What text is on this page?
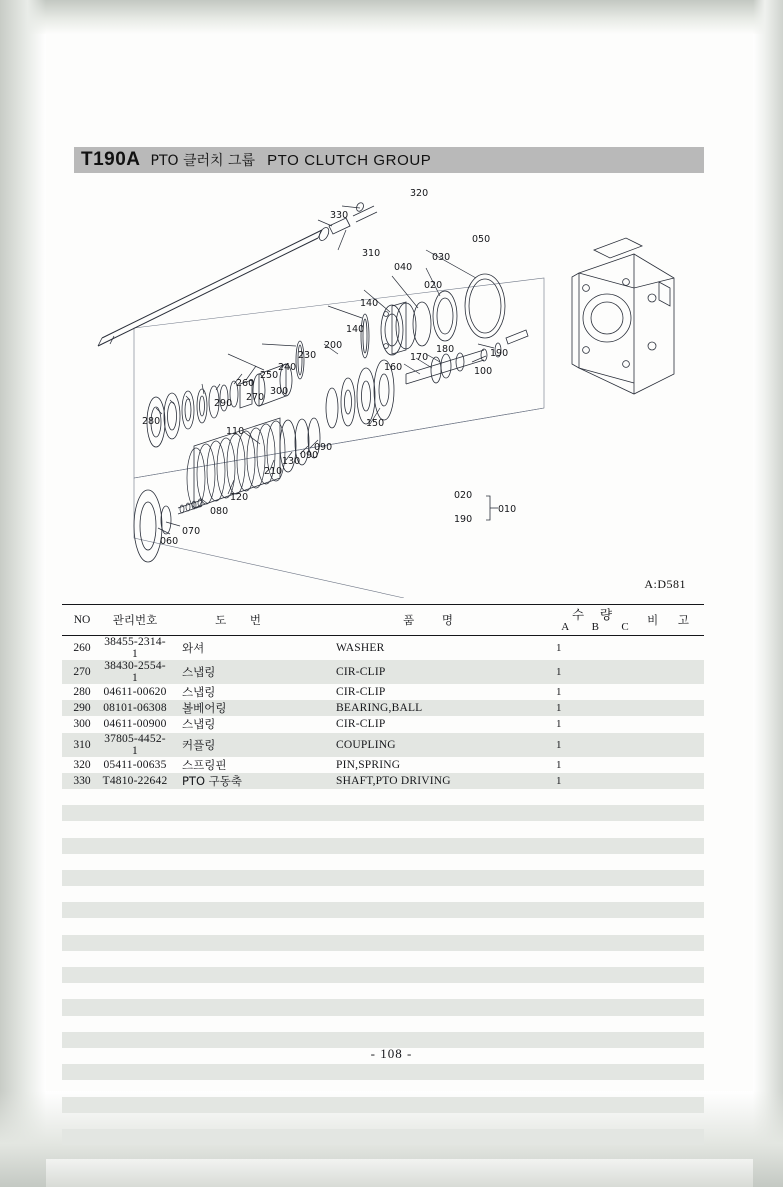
T190A PTO 클러치 그룹 PTO CLUTCH GROUP
320
330
310
050
030
040
020
140
140
200
230
240
250
260
300
270
290
280
180
170
160
190
100
150
110
090
090
130
210
120
080
070
060
020
190
010
A:D581
NO	관리번호	도 번	품 명	수 량
A B C	비 고
260	38455-2314-1	와셔	WASHER	1	
270	38430-2554-1	스냅링	CIR-CLIP	1	
280	04611-00620	스냅링	CIR-CLIP	1	
290	08101-06308	볼베어링	BEARING,BALL	1	
300	04611-00900	스냅링	CIR-CLIP	1	
310	37805-4452-1	커플링	COUPLING	1	
320	05411-00635	스프링핀	PIN,SPRING	1	
330	T4810-22642	PTO 구동축	SHAFT,PTO DRIVING	1	

- 108 -
